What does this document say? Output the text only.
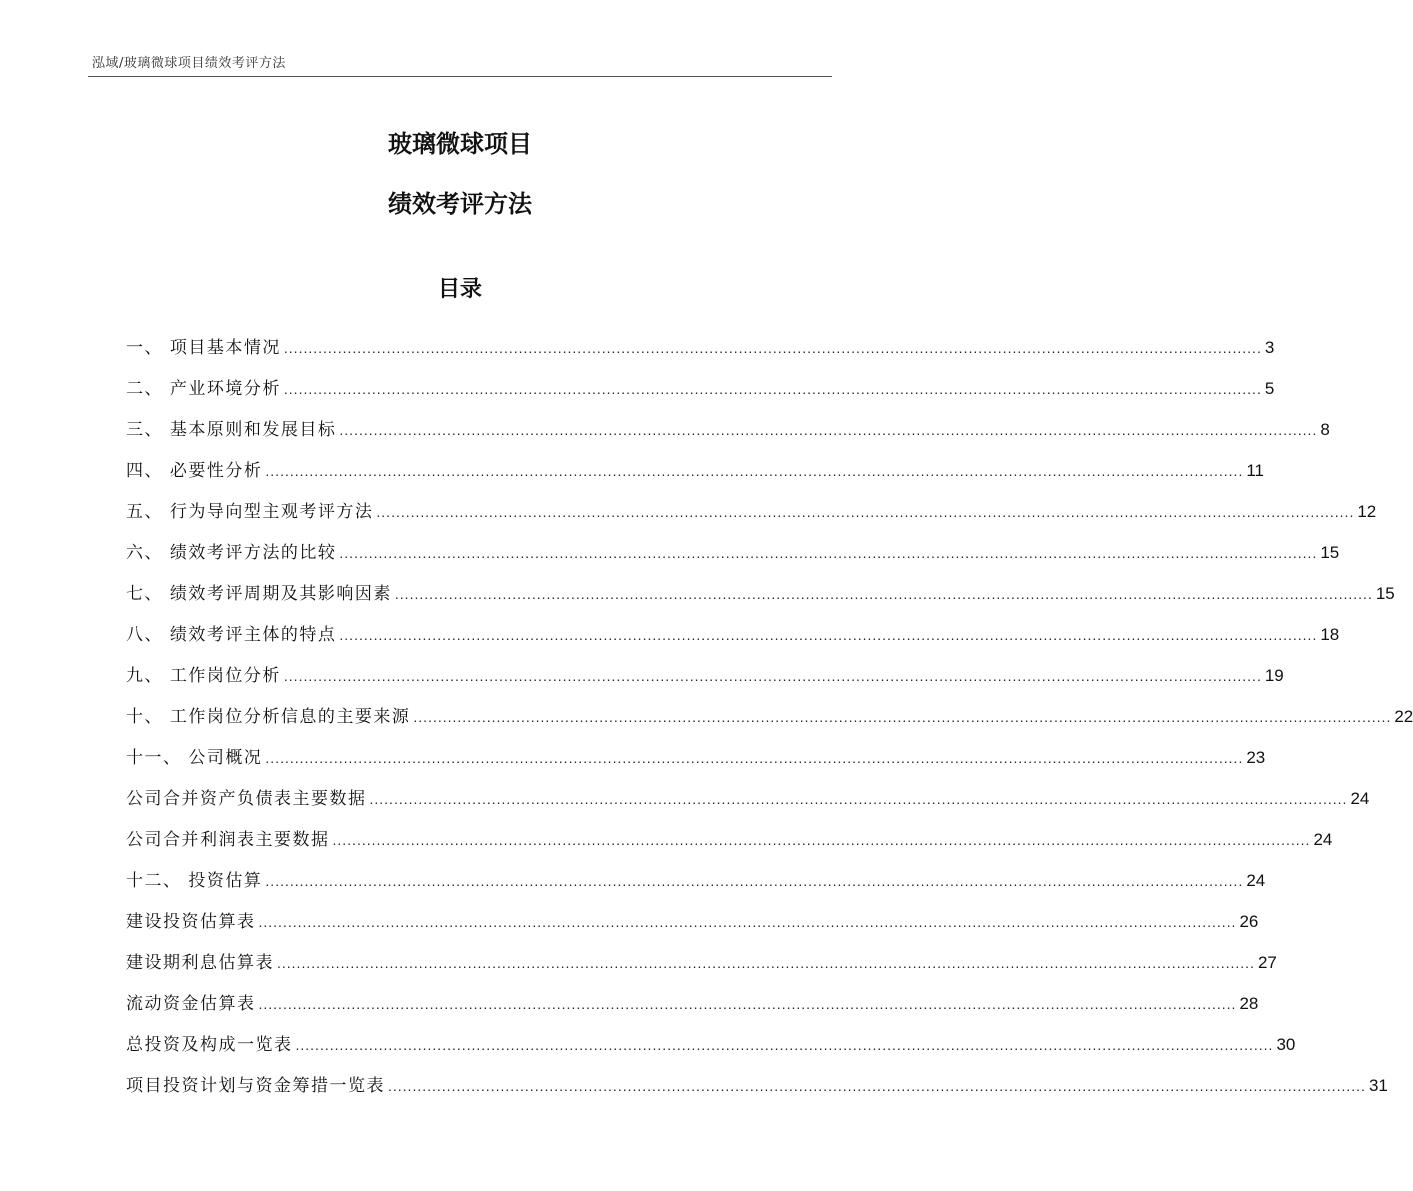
泓域/玻璃微球项目绩效考评方法
玻璃微球项目
绩效考评方法
目录
一、 项目基本情况 ........................................................................................................................................................................................................ 3
二、 产业环境分析 ........................................................................................................................................................................................................ 5
三、 基本原则和发展目标 ........................................................................................................................................................................................................ 8
四、 必要性分析 ........................................................................................................................................................................................................ 11
五、 行为导向型主观考评方法 ........................................................................................................................................................................................................ 12
六、 绩效考评方法的比较 ........................................................................................................................................................................................................ 15
七、 绩效考评周期及其影响因素 ........................................................................................................................................................................................................ 15
八、 绩效考评主体的特点 ........................................................................................................................................................................................................ 18
九、 工作岗位分析 ........................................................................................................................................................................................................ 19
十、 工作岗位分析信息的主要来源 ........................................................................................................................................................................................................ 22
十一、 公司概况 ........................................................................................................................................................................................................ 23
公司合并资产负债表主要数据 ........................................................................................................................................................................................................ 24
公司合并利润表主要数据 ........................................................................................................................................................................................................ 24
十二、 投资估算 ........................................................................................................................................................................................................ 24
建设投资估算表 ........................................................................................................................................................................................................ 26
建设期利息估算表 ........................................................................................................................................................................................................ 27
流动资金估算表 ........................................................................................................................................................................................................ 28
总投资及构成一览表 ........................................................................................................................................................................................................ 30
项目投资计划与资金筹措一览表 ........................................................................................................................................................................................................ 31
